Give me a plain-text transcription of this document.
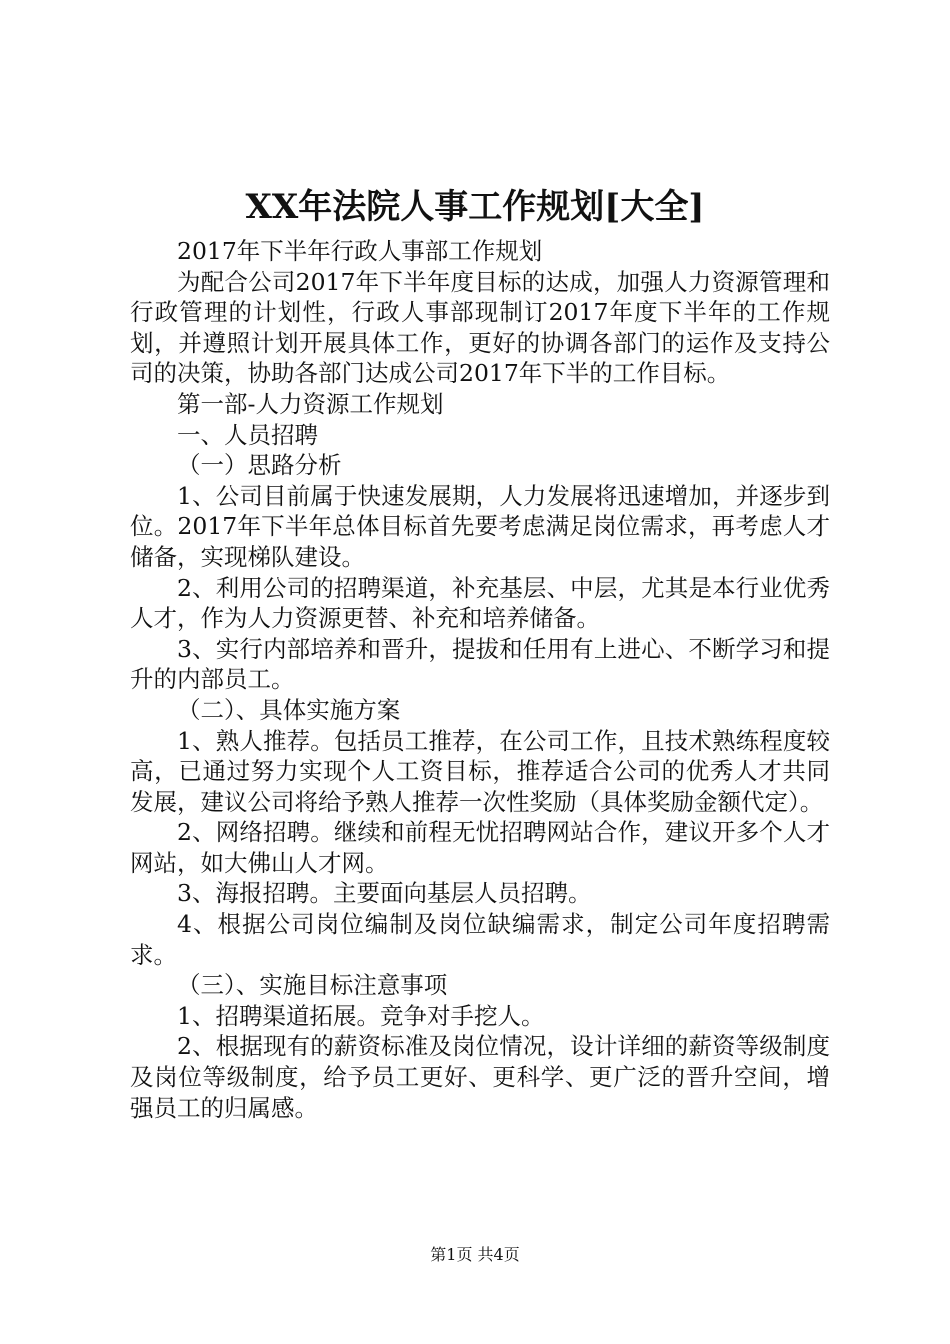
XX年法院人事工作规划[大全]

2017年下半年行政人事部工作规划

为配合公司2017年下半年度目标的达成，加强人力资源管理和行政管理的计划性，行政人事部现制订2017年度下半年的工作规划，并遵照计划开展具体工作，更好的协调各部门的运作及支持公司的决策，协助各部门达成公司2017年下半的工作目标。

第一部-人力资源工作规划

一、人员招聘

（一）思路分析

1、公司目前属于快速发展期，人力发展将迅速增加，并逐步到位。2017年下半年总体目标首先要考虑满足岗位需求，再考虑人才储备，实现梯队建设。

2、利用公司的招聘渠道，补充基层、中层，尤其是本行业优秀人才，作为人力资源更替、补充和培养储备。

3、实行内部培养和晋升，提拔和任用有上进心、不断学习和提升的内部员工。

（二）、具体实施方案

1、熟人推荐。包括员工推荐，在公司工作，且技术熟练程度较高，已通过努力实现个人工资目标，推荐适合公司的优秀人才共同发展，建议公司将给予熟人推荐一次性奖励（具体奖励金额代定）。

2、网络招聘。继续和前程无忧招聘网站合作，建议开多个人才网站，如大佛山人才网。

3、海报招聘。主要面向基层人员招聘。

4、根据公司岗位编制及岗位缺编需求，制定公司年度招聘需求。

（三）、实施目标注意事项

1、招聘渠道拓展。竞争对手挖人。

2、根据现有的薪资标准及岗位情况，设计详细的薪资等级制度及岗位等级制度，给予员工更好、更科学、更广泛的晋升空间，增强员工的归属感。

第1页 共4页
